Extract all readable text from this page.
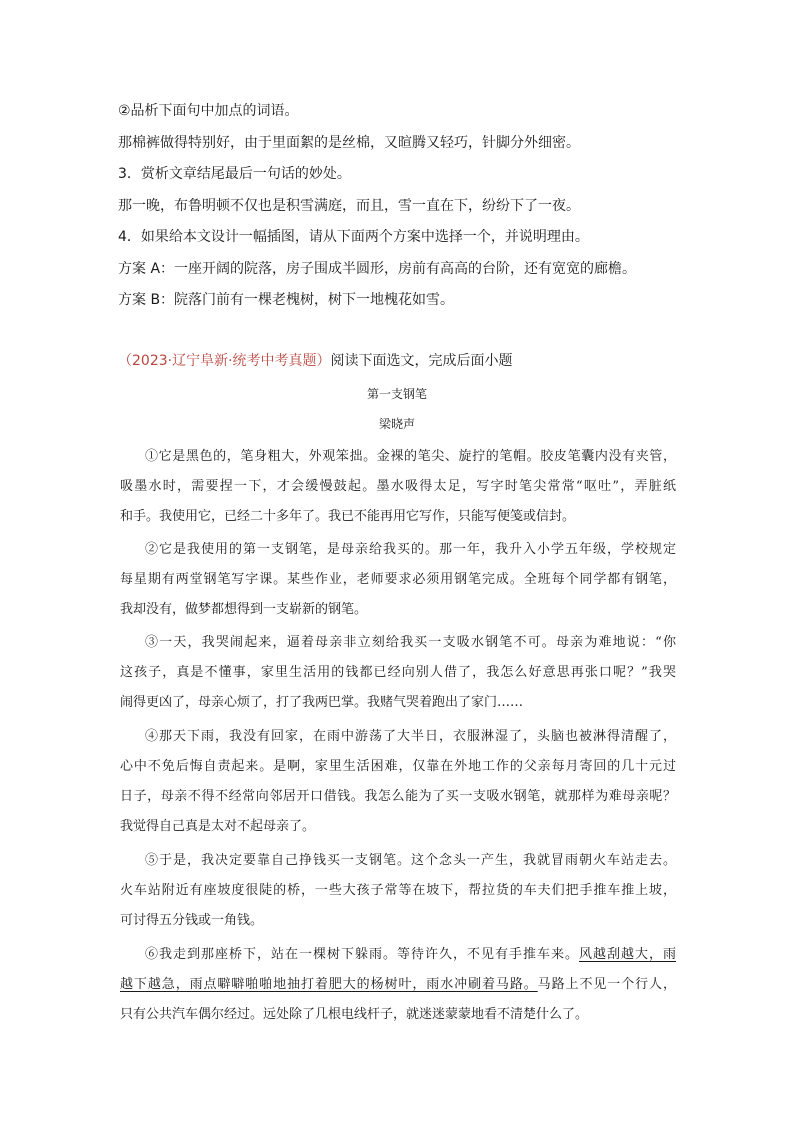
②品析下面句中加点的词语。
那棉裤做得特别好，由于里面絮的是丝棉，又暄腾又轻巧，针脚分外细密。
3．赏析文章结尾最后一句话的妙处。
那一晚，布鲁明顿不仅也是积雪满庭，而且，雪一直在下，纷纷下了一夜。
4．如果给本文设计一幅插图，请从下面两个方案中选择一个，并说明理由。
方案 A：一座开阔的院落，房子围成半圆形，房前有高高的台阶，还有宽宽的廊檐。
方案 B：院落门前有一棵老槐树，树下一地槐花如雪。
（2023·辽宁阜新·统考中考真题）阅读下面选文，完成后面小题
第一支钢笔
梁晓声
①它是黑色的，笔身粗大，外观笨拙。金裸的笔尖、旋拧的笔帽。胶皮笔囊内没有夹管，
吸墨水时，需要捏一下，才会缓慢鼓起。墨水吸得太足，写字时笔尖常常“呕吐”，弄脏纸
和手。我使用它，已经二十多年了。我已不能再用它写作，只能写便笺或信封。
②它是我使用的第一支钢笔，是母亲给我买的。那一年，我升入小学五年级，学校规定
每星期有两堂钢笔写字课。某些作业，老师要求必须用钢笔完成。全班每个同学都有钢笔，
我却没有，做梦都想得到一支崭新的钢笔。
③一天，我哭闹起来，逼着母亲非立刻给我买一支吸水钢笔不可。母亲为难地说：“你
这孩子，真是不懂事，家里生活用的钱都已经向别人借了，我怎么好意思再张口呢？”我哭
闹得更凶了，母亲心烦了，打了我两巴掌。我赌气哭着跑出了家门……
④那天下雨，我没有回家，在雨中游荡了大半日，衣服淋湿了，头脑也被淋得清醒了，
心中不免后悔自责起来。是啊，家里生活困难，仅靠在外地工作的父亲每月寄回的几十元过
日子，母亲不得不经常向邻居开口借钱。我怎么能为了买一支吸水钢笔，就那样为难母亲呢？
我觉得自己真是太对不起母亲了。
⑤于是，我决定要靠自己挣钱买一支钢笔。这个念头一产生，我就冒雨朝火车站走去。
火车站附近有座坡度很陡的桥，一些大孩子常等在坡下，帮拉货的车夫们把手推车推上坡，
可讨得五分钱或一角钱。
⑥我走到那座桥下，站在一棵树下躲雨。等待许久，不见有手推车来。风越刮越大，雨
越下越急，雨点噼噼啪啪地抽打着肥大的杨树叶，雨水冲刷着马路。马路上不见一个行人，
只有公共汽车偶尔经过。远处除了几根电线杆子，就迷迷蒙蒙地看不清楚什么了。
